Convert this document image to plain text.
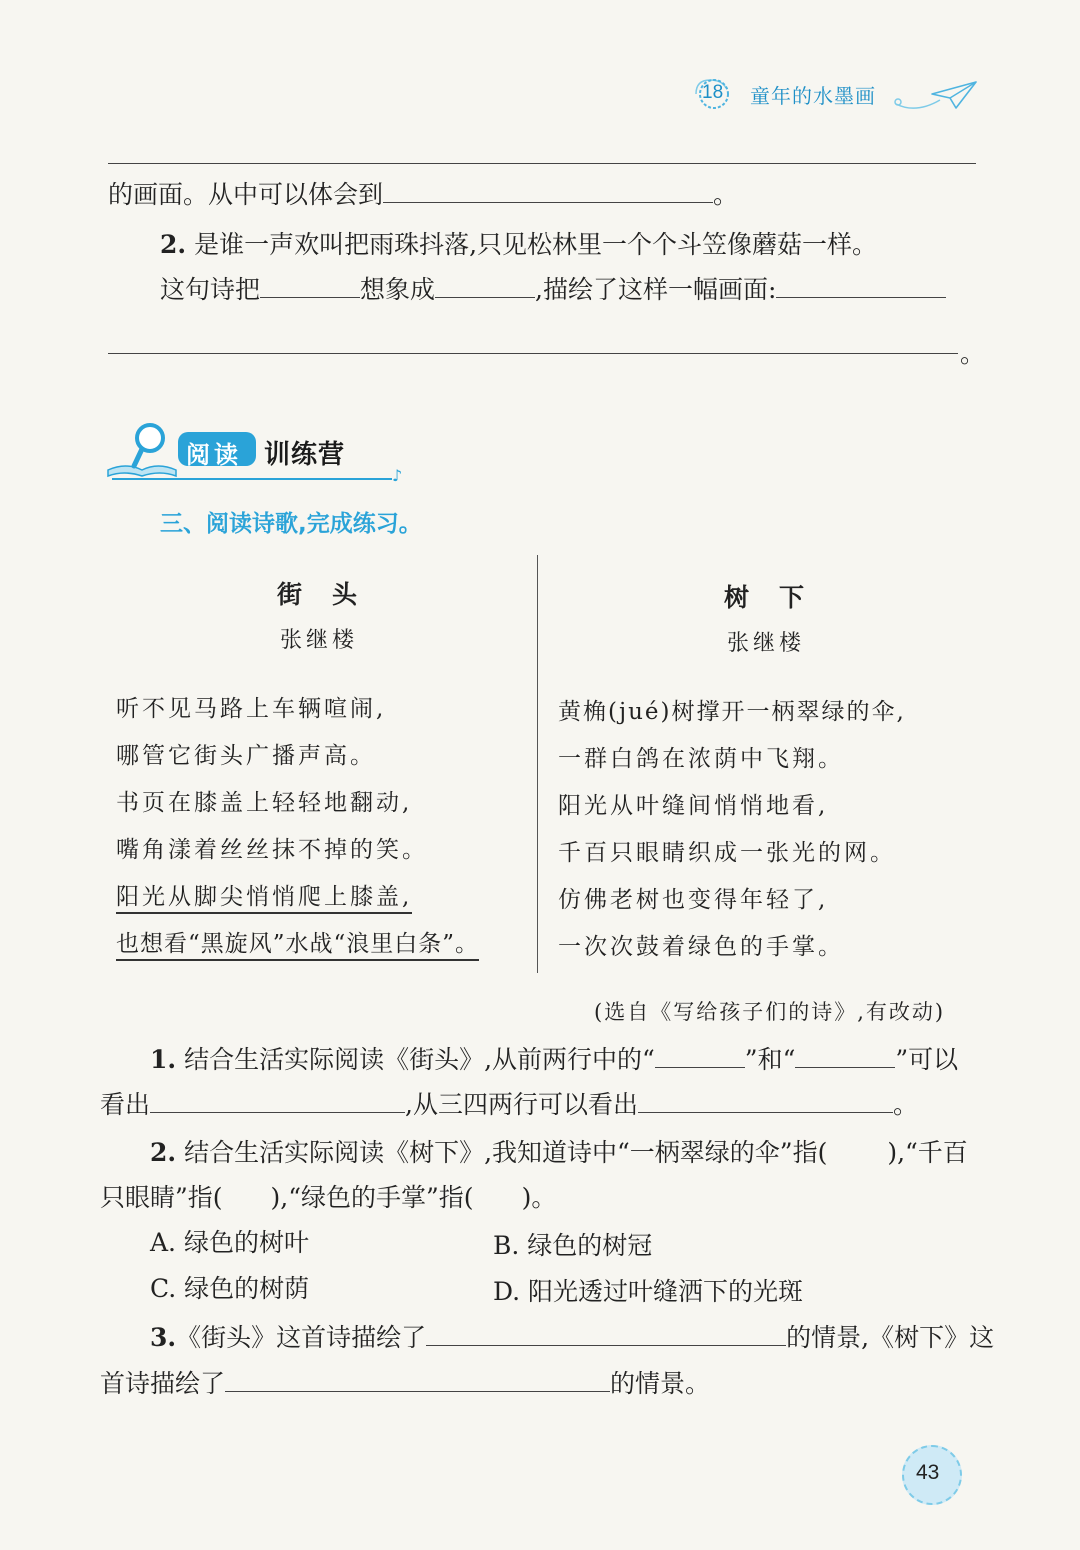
18 童年的水墨画
的画面。从中可以体会到	。
2. 是谁一声欢叫把雨珠抖落,只见松林里一个个斗笠像蘑菇一样。
这句诗把	想象成	,描绘了这样一幅画面:
。
阅读 训练营
♪
三、阅读诗歌,完成练习。
街头
张继楼
听不见马路上车辆喧闹,
哪管它街头广播声高。
书页在膝盖上轻轻地翻动,
嘴角漾着丝丝抹不掉的笑。
阳光从脚尖悄悄爬上膝盖,
也想看“黑旋风”水战“浪里白条”。
树下
张继楼
黄桷(jué)树撑开一柄翠绿的伞,
一群白鸽在浓荫中飞翔。
阳光从叶缝间悄悄地看,
千百只眼睛织成一张光的网。
仿佛老树也变得年轻了,
一次次鼓着绿色的手掌。
(选自《写给孩子们的诗》,有改动)
1. 结合生活实际阅读《街头》,从前两行中的“	”和“	”可以
看出	,从三四两行可以看出	。
2. 结合生活实际阅读《树下》,我知道诗中“一柄翠绿的伞”指( ),“千百
只眼睛”指( ),“绿色的手掌”指( )。
A. 绿色的树叶	B. 绿色的树冠
C. 绿色的树荫	D. 阳光透过叶缝洒下的光斑
3.《街头》这首诗描绘了	的情景,《树下》这
首诗描绘了	的情景。
43
